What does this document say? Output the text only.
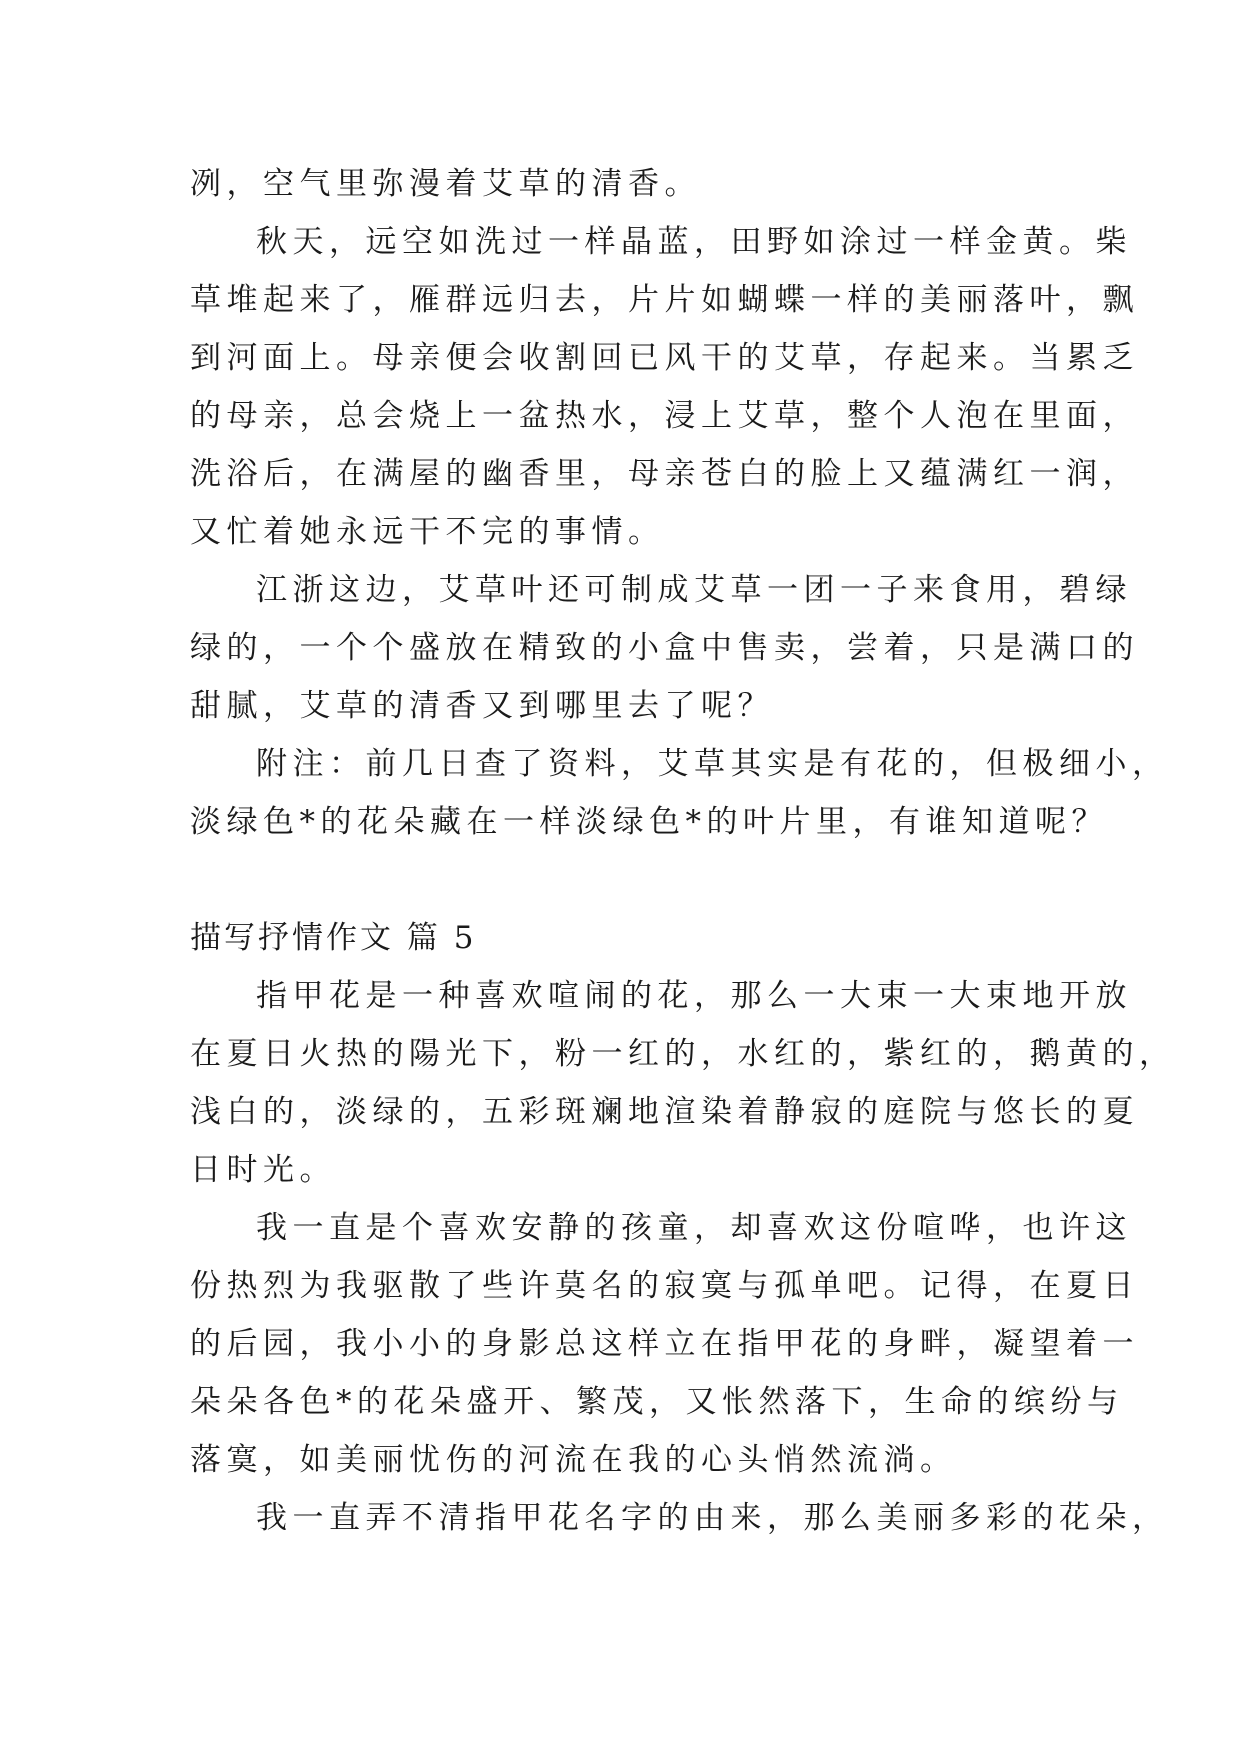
冽，空气里弥漫着艾草的清香。
秋天，远空如洗过一样晶蓝，田野如涂过一样金黄。柴
草堆起来了，雁群远归去，片片如蝴蝶一样的美丽落叶，飘
到河面上。母亲便会收割回已风干的艾草，存起来。当累乏
的母亲，总会烧上一盆热水，浸上艾草，整个人泡在里面，
洗浴后，在满屋的幽香里，母亲苍白的脸上又蕴满红一润，
又忙着她永远干不完的事情。
江浙这边，艾草叶还可制成艾草一团一子来食用，碧绿
绿的，一个个盛放在精致的小盒中售卖，尝着，只是满口的
甜腻，艾草的清香又到哪里去了呢？
附注：前几日查了资料，艾草其实是有花的，但极细小，
淡绿色*的花朵藏在一样淡绿色*的叶片里，有谁知道呢？
描写抒情作文 篇 5
指甲花是一种喜欢喧闹的花，那么一大束一大束地开放
在夏日火热的陽光下，粉一红的，水红的，紫红的，鹅黄的，
浅白的，淡绿的，五彩斑斓地渲染着静寂的庭院与悠长的夏
日时光。
我一直是个喜欢安静的孩童，却喜欢这份喧哗，也许这
份热烈为我驱散了些许莫名的寂寞与孤单吧。记得，在夏日
的后园，我小小的身影总这样立在指甲花的身畔，凝望着一
朵朵各色*的花朵盛开、繁茂，又怅然落下，生命的缤纷与
落寞，如美丽忧伤的河流在我的心头悄然流淌。
我一直弄不清指甲花名字的由来，那么美丽多彩的花朵，
